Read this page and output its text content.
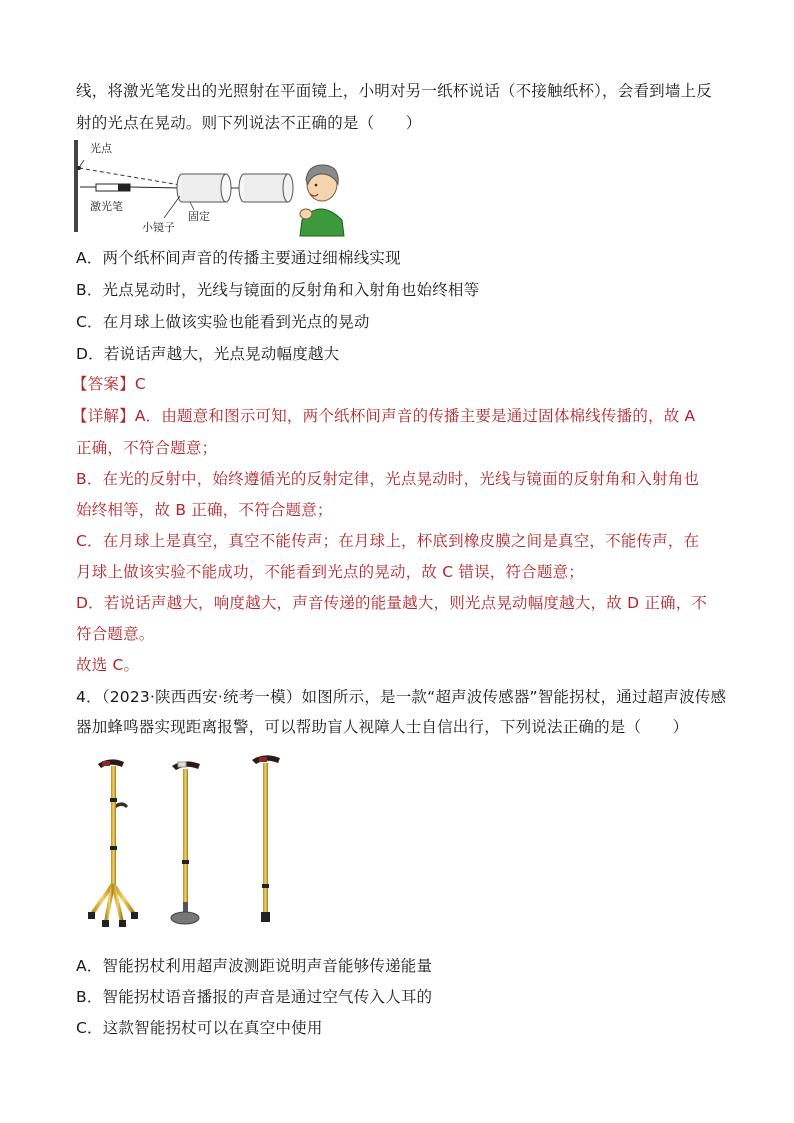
线，将激光笔发出的光照射在平面镜上，小明对另一纸杯说话（不接触纸杯），会看到墙上反
射的光点在晃动。则下列说法不正确的是（　　）
光点
激光笔
小镜子
固定
A．两个纸杯间声音的传播主要通过细棉线实现
B．光点晃动时，光线与镜面的反射角和入射角也始终相等
C．在月球上做该实验也能看到光点的晃动
D．若说话声越大，光点晃动幅度越大
【答案】C
【详解】A．由题意和图示可知，两个纸杯间声音的传播主要是通过固体棉线传播的，故 A
正确，不符合题意；
B．在光的反射中，始终遵循光的反射定律，光点晃动时，光线与镜面的反射角和入射角也
始终相等，故 B 正确，不符合题意；
C．在月球上是真空，真空不能传声；在月球上，杯底到橡皮膜之间是真空，不能传声，在
月球上做该实验不能成功，不能看到光点的晃动，故 C 错误，符合题意；
D．若说话声越大，响度越大，声音传递的能量越大，则光点晃动幅度越大，故 D 正确，不
符合题意。
故选 C。
4．（2023·陕西西安·统考一模）如图所示，是一款“超声波传感器”智能拐杖，通过超声波传感
器加蜂鸣器实现距离报警，可以帮助盲人视障人士自信出行，下列说法正确的是（　　）
A．智能拐杖利用超声波测距说明声音能够传递能量
B．智能拐杖语音播报的声音是通过空气传入人耳的
C．这款智能拐杖可以在真空中使用
